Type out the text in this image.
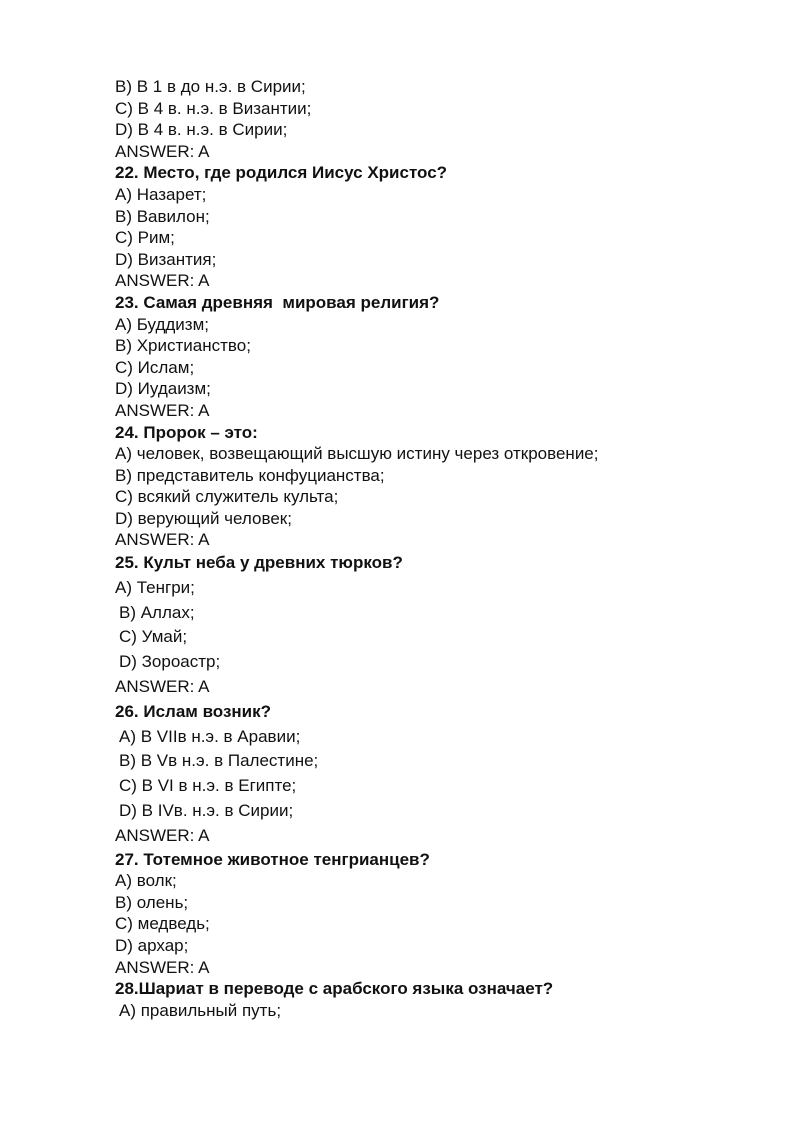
B) В 1 в до н.э. в Сирии;
C) В 4 в. н.э. в Византии;
D) В 4 в. н.э. в Сирии;
ANSWER: A
22. Место, где родился Иисус Христос?
A) Назарет;
B) Вавилон;
C) Рим;
D) Византия;
ANSWER: A
23. Самая древняя  мировая религия?
A) Буддизм;
B) Христианство;
C) Ислам;
D) Иудаизм;
ANSWER: A
24. Пророк – это:
A) человек, возвещающий высшую истину через откровение;
B) представитель конфуцианства;
C) всякий служитель культа;
D) верующий человек;
ANSWER: A
25. Культ неба у древних тюрков?
A) Тенгри;
B) Аллах;
C) Умай;
D) Зороастр;
ANSWER: A
26. Ислам возник?
A) В VIIв н.э. в Аравии;
B) В Vв н.э. в Палестине;
C) В VI в н.э. в Египте;
D) В IVв. н.э. в Сирии;
ANSWER: A
27. Тотемное животное тенгрианцев?
A) волк;
B) олень;
C) медведь;
D) архар;
ANSWER: A
28.Шариат в переводе с арабского языка означает?
A) правильный путь;
